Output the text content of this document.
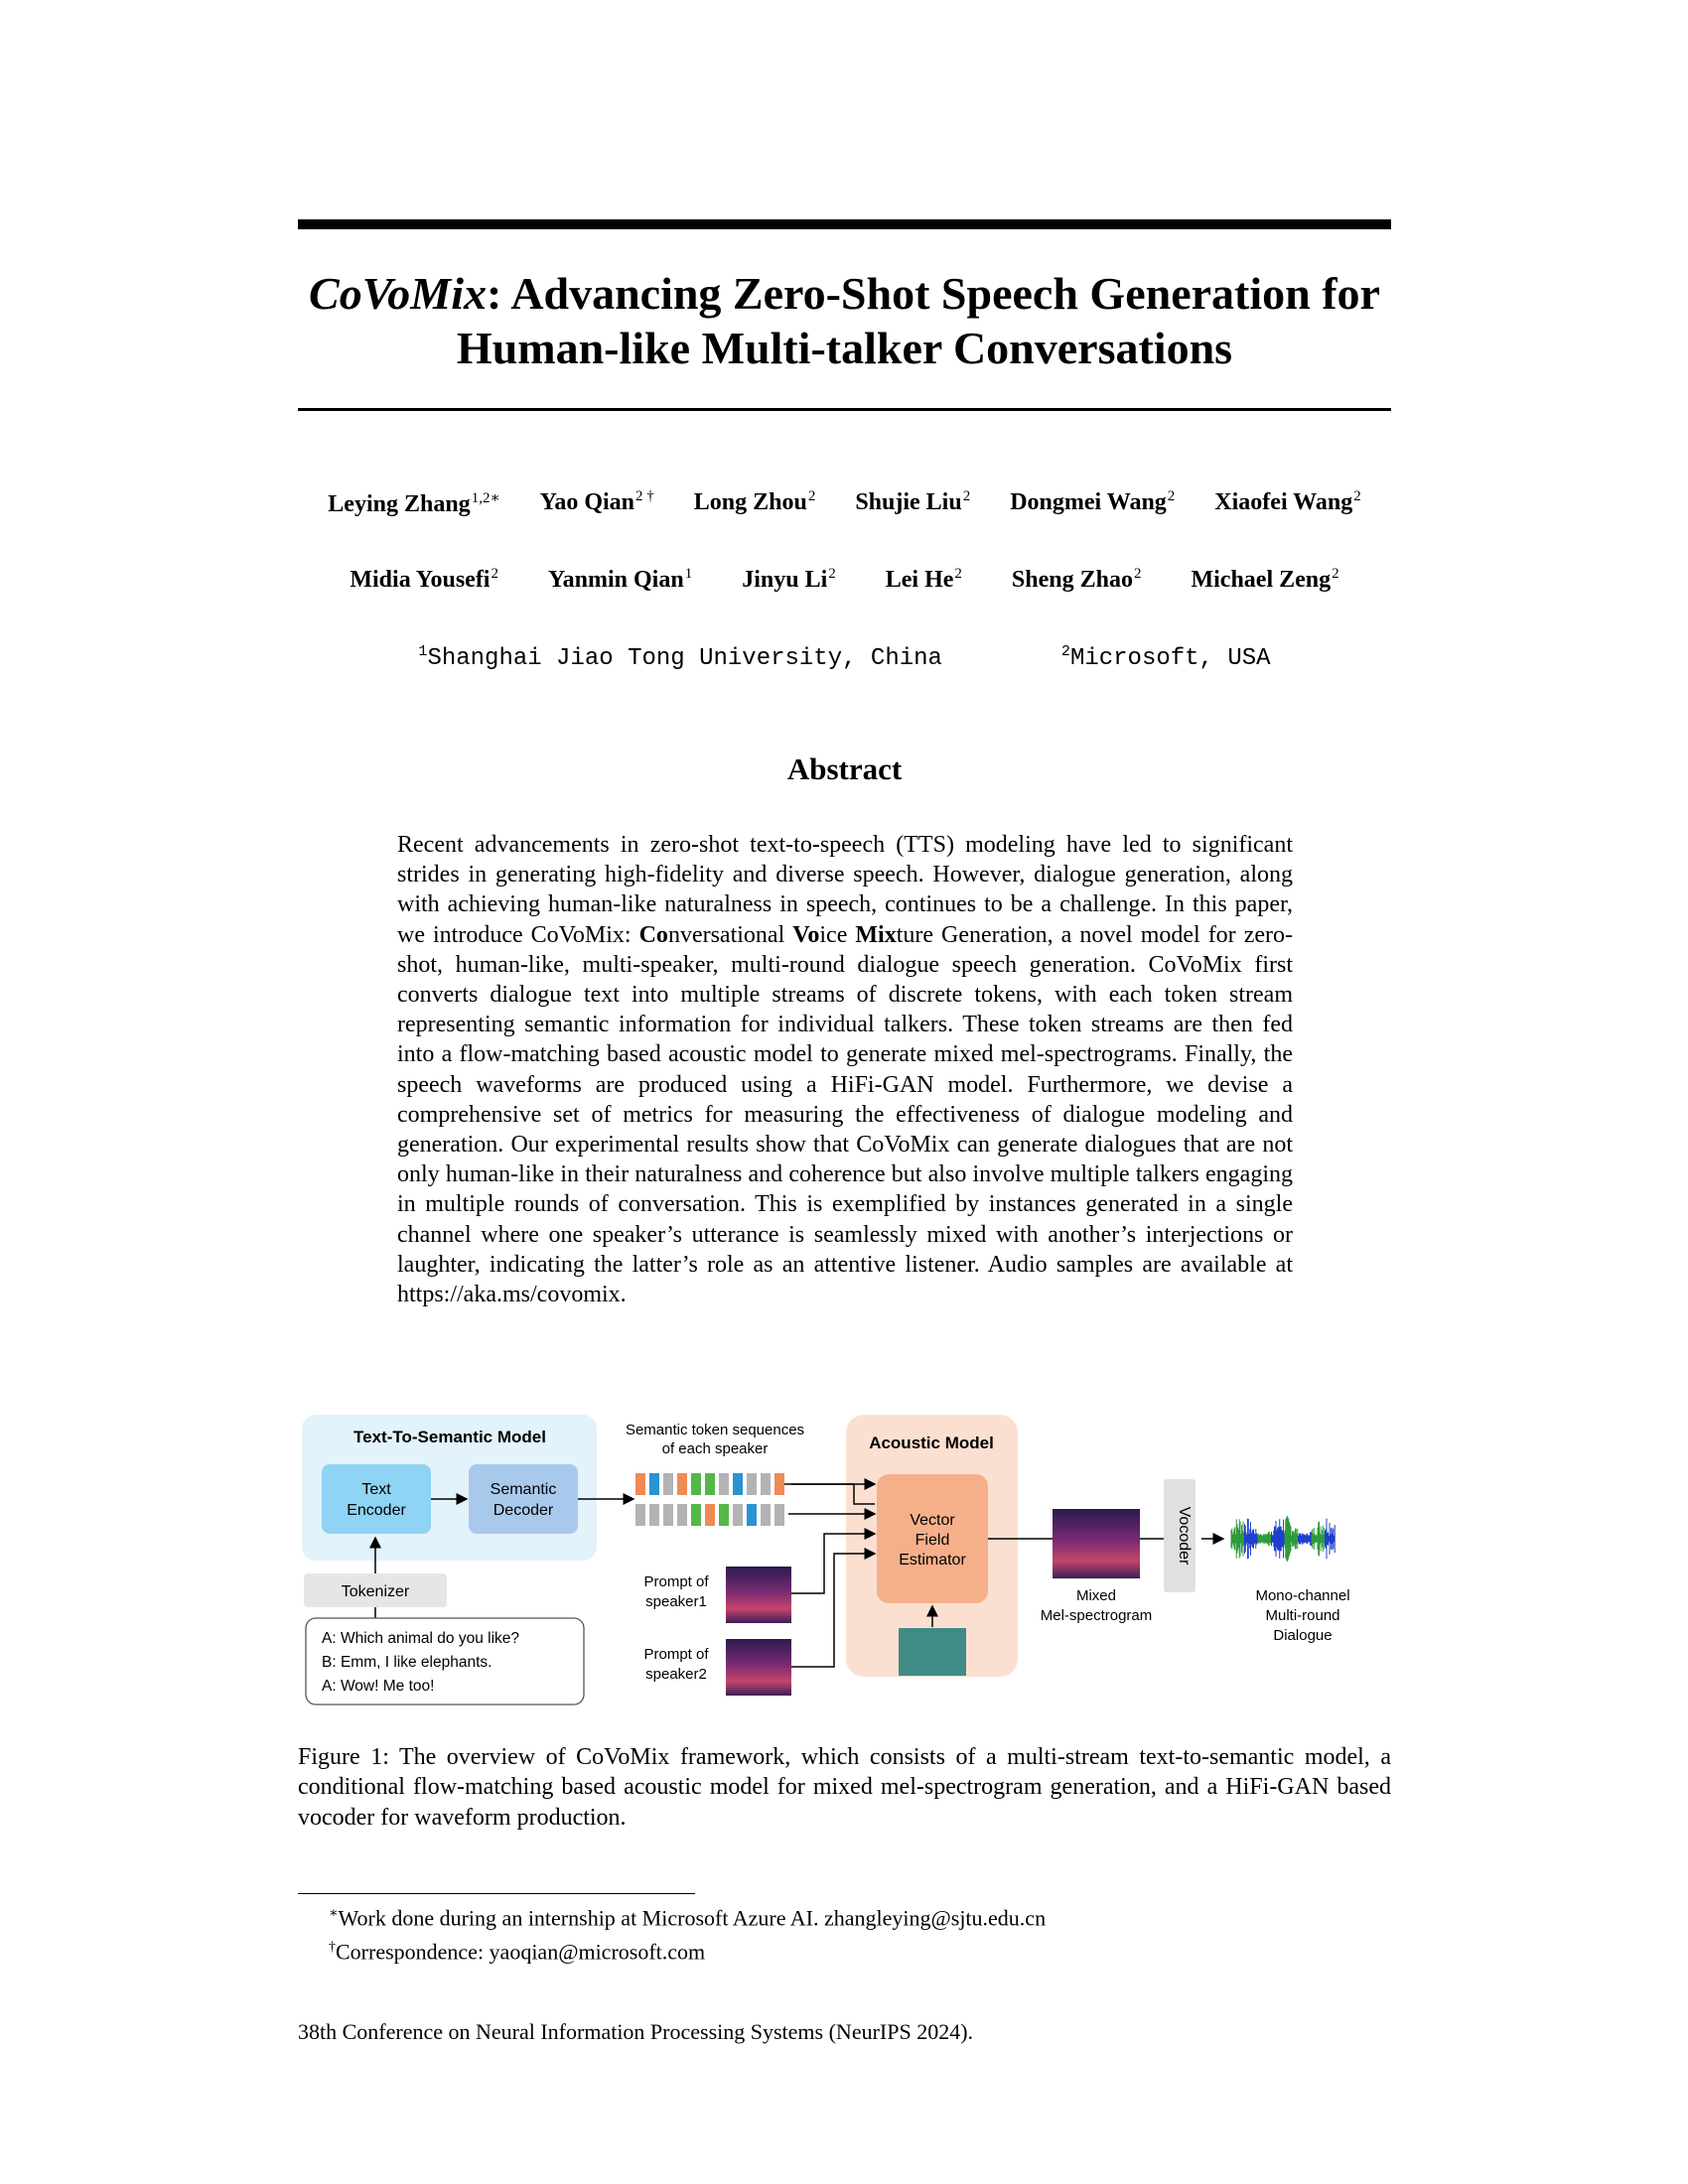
CoVoMix: Advancing Zero-Shot Speech Generation for
Human-like Multi-talker Conversations
Leying Zhang$^{1,2∗}$ Yao Qian$^{2 \dagger}$ Long Zhou$^2$ Shujie Liu$^2$ Dongmei Wang$^2$ Xiaofei Wang$^2$
Midia Yousefi$^2$ Yanmin Qian$^1$ Jinyu Li$^2$ Lei He$^2$ Sheng Zhao$^2$ Michael Zeng$^2$
$^1$Shanghai Jiao Tong University, China	$^2$Microsoft, USA
Abstract
Recent advancements in zero-shot text-to-speech (TTS) modeling have led to significant strides in generating high-fidelity and diverse speech. However, dialogue generation, along with achieving human-like naturalness in speech, continues to be a challenge. In this paper, we introduce CoVoMix: Conversational Voice Mixture Generation, a novel model for zero-shot, human-like, multi-speaker, multi-round dialogue speech generation. CoVoMix first converts dialogue text into multiple streams of discrete tokens, with each token stream representing semantic information for individual talkers. These token streams are then fed into a flow-matching based acoustic model to generate mixed mel-spectrograms. Finally, the speech waveforms are produced using a HiFi-GAN model. Furthermore, we devise a comprehensive set of metrics for measuring the effectiveness of dialogue modeling and generation. Our experimental results show that CoVoMix can generate dialogues that are not only human-like in their naturalness and coherence but also involve multiple talkers engaging in multiple rounds of conversation. This is exemplified by instances generated in a single channel where one speaker’s utterance is seamlessly mixed with another’s interjections or laughter, indicating the latter’s role as an attentive listener. Audio samples are available at https://aka.ms/covomix.
Text-To-Semantic Model
Text
Encoder
Semantic
Decoder
Tokenizer
A: Which animal do you like?
B: Emm, I like elephants.
A: Wow! Me too!
Semantic token sequences
of each speaker
Prompt of
speaker1
Prompt of
speaker2
Acoustic Model
Vector
Field
Estimator
Mixed
Mel-spectrogram
Vocoder
Mono-channel
Multi-round
Dialogue
Figure 1: The overview of CoVoMix framework, which consists of a multi-stream text-to-semantic model, a conditional flow-matching based acoustic model for mixed mel-spectrogram generation, and a HiFi-GAN based vocoder for waveform production.
∗Work done during an internship at Microsoft Azure AI. zhangleying@sjtu.edu.cn
†Correspondence: yaoqian@microsoft.com
38th Conference on Neural Information Processing Systems (NeurIPS 2024).
